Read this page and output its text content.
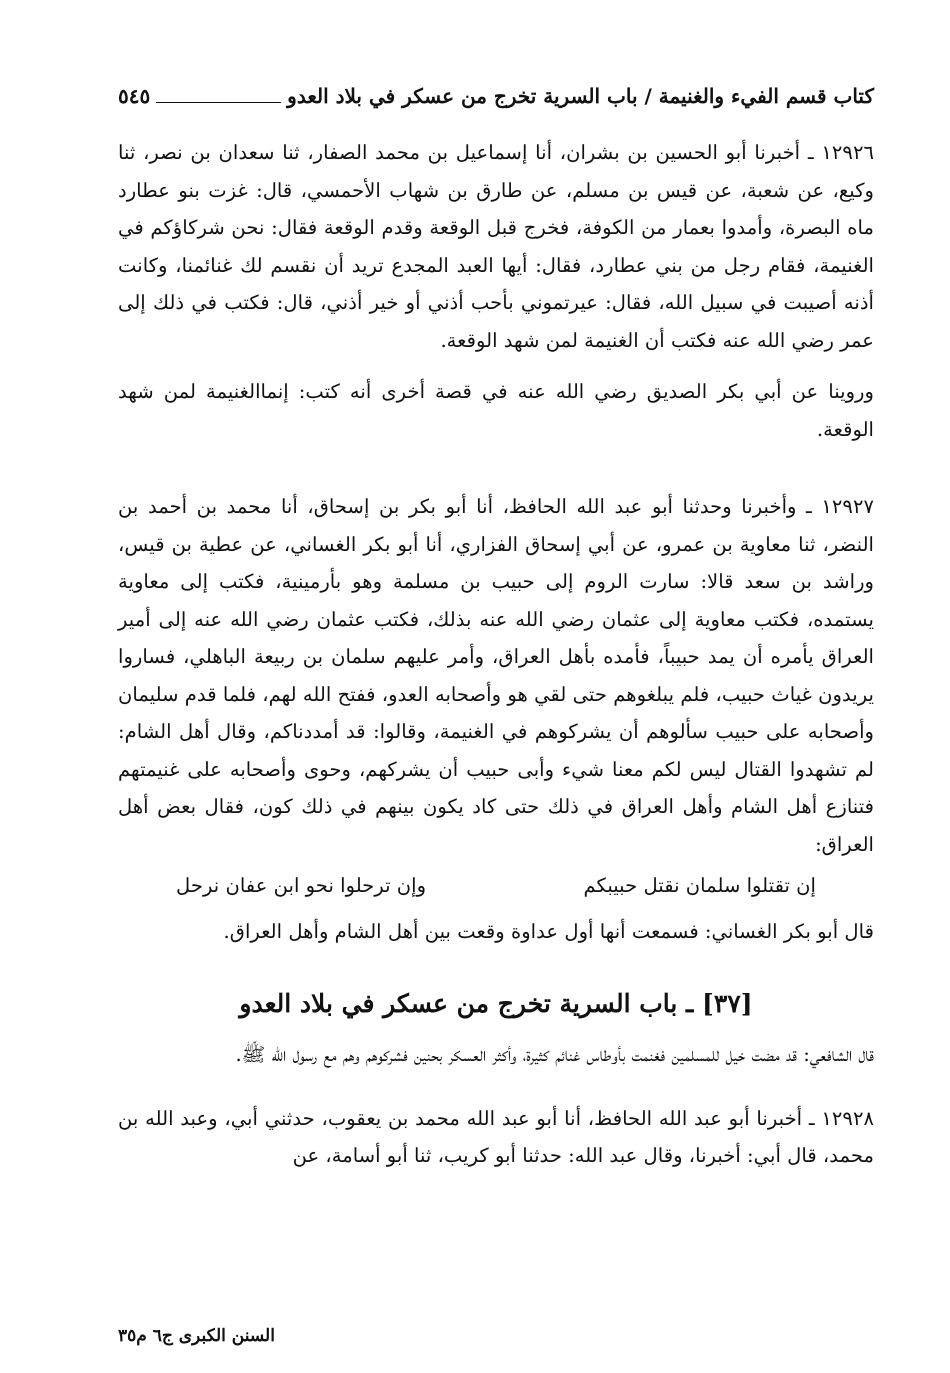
كتاب قسم الفيء والغنيمة / باب السرية تخرج من عسكر في بلاد العدو
٥٤٥

١٢٩٢٦ ـ أخبرنا أبو الحسين بن بشران، أنا إسماعيل بن محمد الصفار، ثنا سعدان بن نصر، ثنا وكيع، عن شعبة، عن قيس بن مسلم، عن طارق بن شهاب الأحمسي، قال: غزت بنو عطارد ماه البصرة، وأمدوا بعمار من الكوفة، فخرج قبل الوقعة وقدم الوقعة فقال: نحن شركاؤكم في الغنيمة، فقام رجل من بني عطارد، فقال: أيها العبد المجدع تريد أن نقسم لك غنائمنا، وكانت أذنه أصيبت في سبيل الله، فقال: عيرتموني بأحب أذني أو خير أذني، قال: فكتب في ذلك إلى عمر رضي الله عنه فكتب أن الغنيمة لمن شهد الوقعة.

وروينا عن أبي بكر الصديق رضي الله عنه في قصة أخرى أنه كتب: إنماالغنيمة لمن شهد الوقعة.

١٢٩٢٧ ـ وأخبرنا وحدثنا أبو عبد الله الحافظ، أنا أبو بكر بن إسحاق، أنا محمد بن أحمد بن النضر، ثنا معاوية بن عمرو، عن أبي إسحاق الفزاري، أنا أبو بكر الغساني، عن عطية بن قيس، وراشد بن سعد قالا: سارت الروم إلى حبيب بن مسلمة وهو بأرمينية، فكتب إلى معاوية يستمده، فكتب معاوية إلى عثمان رضي الله عنه بذلك، فكتب عثمان رضي الله عنه إلى أمير العراق يأمره أن يمد حبيباً، فأمده بأهل العراق، وأمر عليهم سلمان بن ربيعة الباهلي، فساروا يريدون غياث حبيب، فلم يبلغوهم حتى لقي هو وأصحابه العدو، ففتح الله لهم، فلما قدم سليمان وأصحابه على حبيب سألوهم أن يشركوهم في الغنيمة، وقالوا: قد أمددناكم، وقال أهل الشام: لم تشهدوا القتال ليس لكم معنا شيء وأبى حبيب أن يشركهم، وحوى وأصحابه على غنيمتهم فتنازع أهل الشام وأهل العراق في ذلك حتى كاد يكون بينهم في ذلك كون، فقال بعض أهل العراق:

إن تقتلوا سلمان نقتل حبيبكم
وإن ترحلوا نحو ابن عفان نرحل

قال أبو بكر الغساني: فسمعت أنها أول عداوة وقعت بين أهل الشام وأهل العراق.

[٣٧] ـ باب السرية تخرج من عسكر في بلاد العدو

قال الشافعي: قد مضت خيل للمسلمين فغنمت بأوطاس غنائم كثيرة، وأكثر العسكر بحنين فشركوهم وهم مع رسول الله ﷺ.

١٢٩٢٨ ـ أخبرنا أبو عبد الله الحافظ، أنا أبو عبد الله محمد بن يعقوب، حدثني أبي، وعبد الله بن محمد، قال أبي: أخبرنا، وقال عبد الله: حدثنا أبو كريب، ثنا أبو أسامة، عن

السنن الكبرى ج٦ م٣٥
